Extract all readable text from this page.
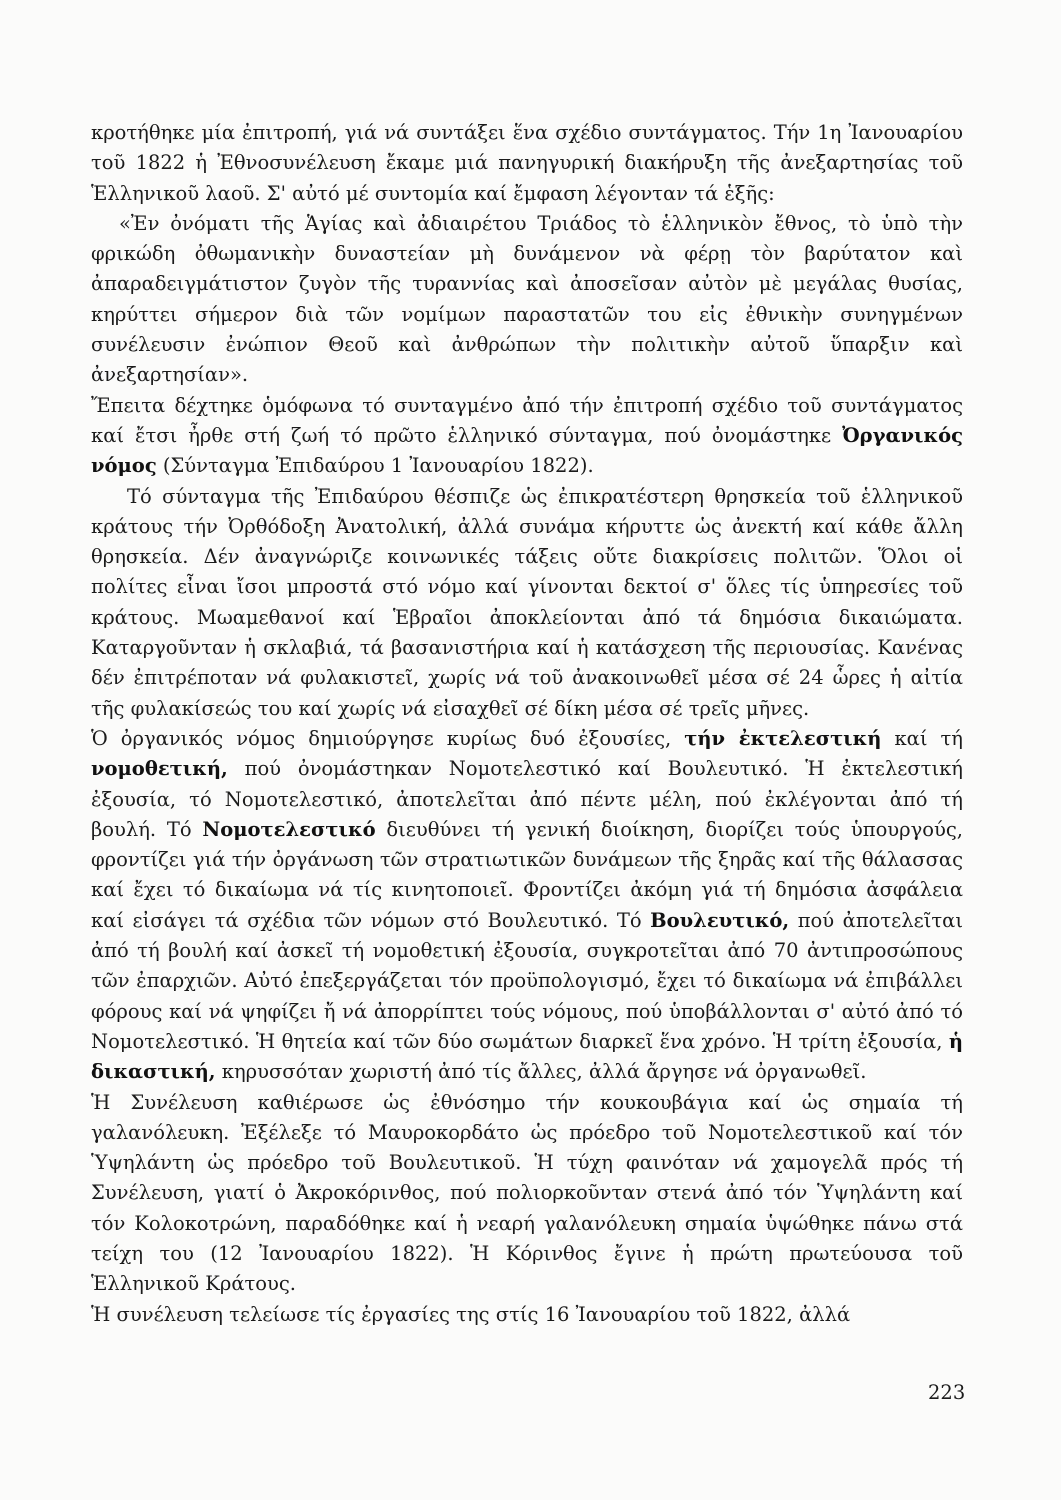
κροτήθηκε μία ἐπιτροπή, γιά νά συντάξει ἕνα σχέδιο συντάγματος. Τήν 1η Ἰανουαρίου τοῦ 1822 ἡ Ἐθνοσυνέλευση ἔκαμε μιά πανηγυρική διακήρυξη τῆς ἀνεξαρτησίας τοῦ Ἑλληνικοῦ λαοῦ. Σ' αὐτό μέ συντομία καί ἔμφαση λέγονταν τά ἑξῆς:

«Ἐν ὀνόματι τῆς Ἁγίας καὶ ἀδιαιρέτου Τριάδος τὸ ἑλληνικὸν ἔθνος, τὸ ὑπὸ τὴν φρικώδη ὀθωμανικὴν δυναστείαν μὴ δυνάμενον νὰ φέρῃ τὸν βαρύτατον καὶ ἀπαραδειγμάτιστον ζυγὸν τῆς τυραννίας καὶ ἀποσεῖσαν αὐτὸν μὲ μεγάλας θυσίας, κηρύττει σήμερον διὰ τῶν νομίμων παραστατῶν του εἰς ἐθνικὴν συνηγμένων συνέλευσιν ἐνώπιον Θεοῦ καὶ ἀνθρώπων τὴν πολιτικὴν αὐτοῦ ὕπαρξιν καὶ ἀνεξαρτησίαν».

Ἔπειτα δέχτηκε ὁμόφωνα τό συνταγμένο ἀπό τήν ἐπιτροπή σχέδιο τοῦ συντάγματος καί ἔτσι ἦρθε στή ζωή τό πρῶτο ἑλληνικό σύνταγμα, πού ὀνομάστηκε Ὀργανικός νόμος (Σύνταγμα Ἐπιδαύρου 1 Ἰανουαρίου 1822).

Τό σύνταγμα τῆς Ἐπιδαύρου θέσπιζε ὡς ἐπικρατέστερη θρησκεία τοῦ ἑλληνικοῦ κράτους τήν Ὀρθόδοξη Ἀνατολική, ἀλλά συνάμα κήρυττε ὡς ἀνεκτή καί κάθε ἄλλη θρησκεία. Δέν ἀναγνώριζε κοινωνικές τάξεις οὔτε διακρίσεις πολιτῶν. Ὅλοι οἱ πολίτες εἶναι ἴσοι μπροστά στό νόμο καί γίνονται δεκτοί σ' ὅλες τίς ὑπηρεσίες τοῦ κράτους. Μωαμεθανοί καί Ἑβραῖοι ἀποκλείονται ἀπό τά δημόσια δικαιώματα. Καταργοῦνταν ἡ σκλαβιά, τά βασανιστήρια καί ἡ κατάσχεση τῆς περιουσίας. Κανένας δέν ἐπιτρέποταν νά φυλακιστεῖ, χωρίς νά τοῦ ἀνακοινωθεῖ μέσα σέ 24 ὧρες ἡ αἰτία τῆς φυλακίσεώς του καί χωρίς νά εἰσαχθεῖ σέ δίκη μέσα σέ τρεῖς μῆνες.

Ὁ ὀργανικός νόμος δημιούργησε κυρίως δυό ἐξουσίες, τήν ἐκτελεστική καί τή νομοθετική, πού ὀνομάστηκαν Νομοτελεστικό καί Βουλευτικό. Ἡ ἐκτελεστική ἐξουσία, τό Νομοτελεστικό, ἀποτελεῖται ἀπό πέντε μέλη, πού ἐκλέγονται ἀπό τή βουλή. Τό Νομοτελεστικό διευθύνει τή γενική διοίκηση, διορίζει τούς ὑπουργούς, φροντίζει γιά τήν ὀργάνωση τῶν στρατιωτικῶν δυνάμεων τῆς ξηρᾶς καί τῆς θάλασσας καί ἔχει τό δικαίωμα νά τίς κινητοποιεῖ. Φροντίζει ἀκόμη γιά τή δημόσια ἀσφάλεια καί εἰσάγει τά σχέδια τῶν νόμων στό Βουλευτικό. Τό Βουλευτικό, πού ἀποτελεῖται ἀπό τή βουλή καί ἀσκεῖ τή νομοθετική ἐξουσία, συγκροτεῖται ἀπό 70 ἀντιπροσώπους τῶν ἐπαρχιῶν. Αὐτό ἐπεξεργάζεται τόν προϋπολογισμό, ἔχει τό δικαίωμα νά ἐπιβάλλει φόρους καί νά ψηφίζει ἤ νά ἀπορρίπτει τούς νόμους, πού ὑποβάλλονται σ' αὐτό ἀπό τό Νομοτελεστικό. Ἡ θητεία καί τῶν δύο σωμάτων διαρκεῖ ἕνα χρόνο. Ἡ τρίτη ἐξουσία, ἡ δικαστική, κηρυσσόταν χωριστή ἀπό τίς ἄλλες, ἀλλά ἄργησε νά ὀργανωθεῖ.

Ἡ Συνέλευση καθιέρωσε ὡς ἐθνόσημο τήν κουκουβάγια καί ὡς σημαία τή γαλανόλευκη. Ἐξέλεξε τό Μαυροκορδάτο ὡς πρόεδρο τοῦ Νομοτελεστικοῦ καί τόν Ὑψηλάντη ὡς πρόεδρο τοῦ Βουλευτικοῦ. Ἡ τύχη φαινόταν νά χαμογελᾶ πρός τή Συνέλευση, γιατί ὁ Ἀκροκόρινθος, πού πολιορκοῦνταν στενά ἀπό τόν Ὑψηλάντη καί τόν Κολοκοτρώνη, παραδόθηκε καί ἡ νεαρή γαλανόλευκη σημαία ὑψώθηκε πάνω στά τείχη του (12 Ἰανουαρίου 1822). Ἡ Κόρινθος ἔγινε ἡ πρώτη πρωτεύουσα τοῦ Ἑλληνικοῦ Κράτους.

Ἡ συνέλευση τελείωσε τίς ἐργασίες της στίς 16 Ἰανουαρίου τοῦ 1822, ἀλλά

223
